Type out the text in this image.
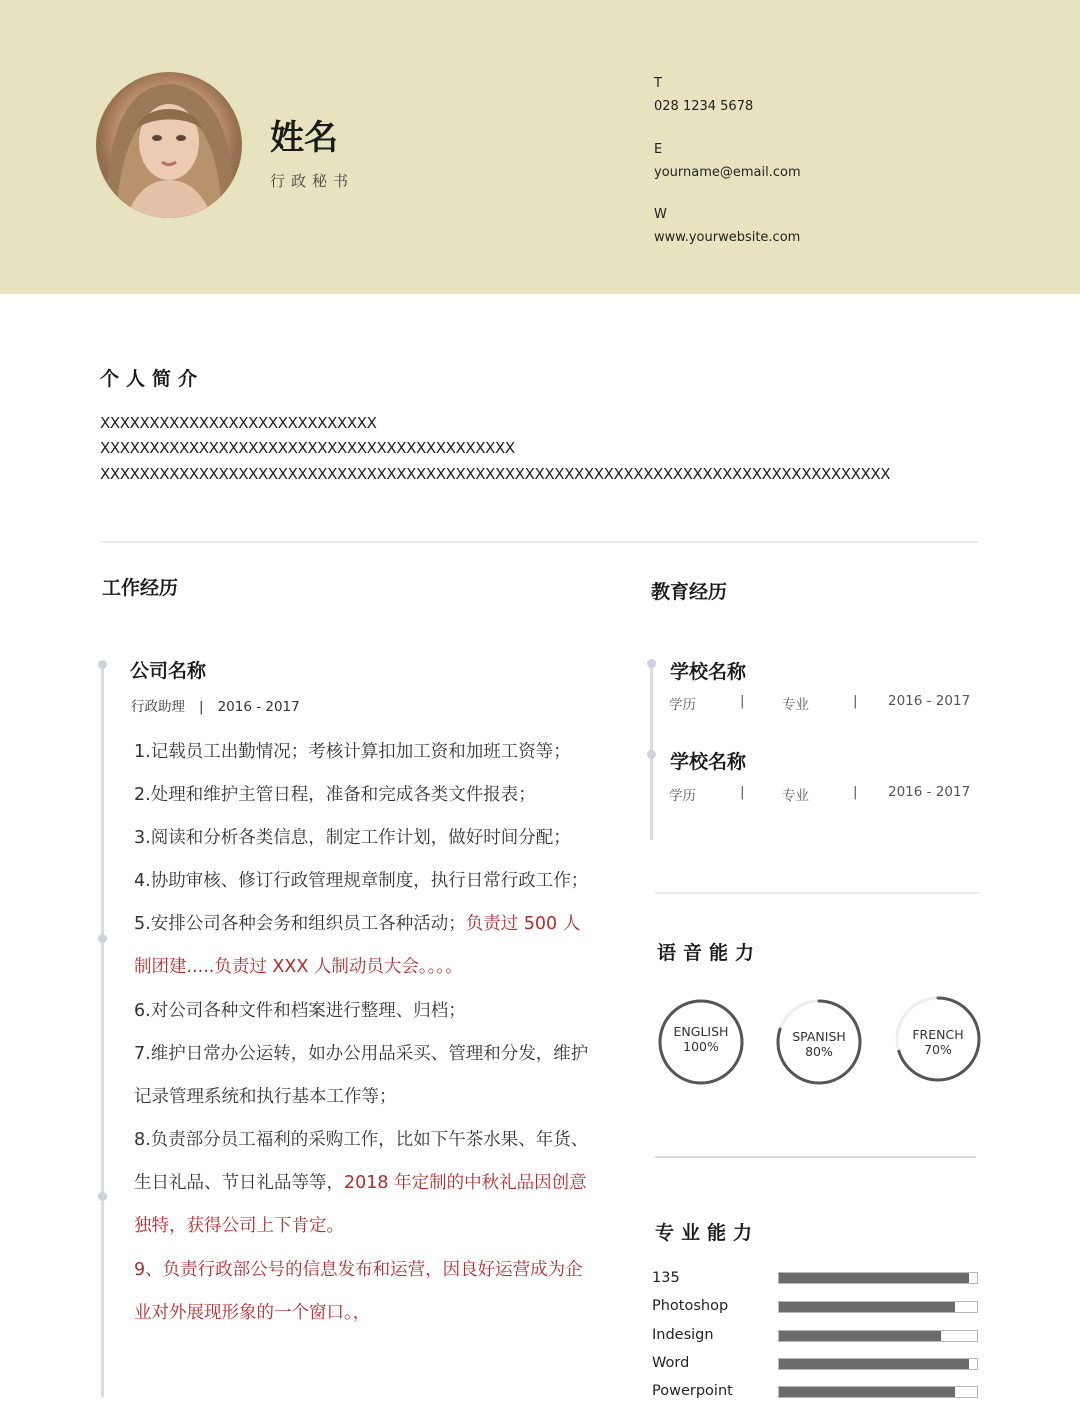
姓名
行政秘书
T
028 1234 5678
E
yourname@email.com
W
www.yourwebsite.com
个人简介
XXXXXXXXXXXXXXXXXXXXXXXXXXXX
XXXXXXXXXXXXXXXXXXXXXXXXXXXXXXXXXXXXXXXXXX
XXXXXXXXXXXXXXXXXXXXXXXXXXXXXXXXXXXXXXXXXXXXXXXXXXXXXXXXXXXXXXXXXXXXXXXXXXXXXXXX
工作经历
公司名称
行政助理 | 2016 - 2017
1.记载员工出勤情况；考核计算扣加工资和加班工资等；
2.处理和维护主管日程，准备和完成各类文件报表；
3.阅读和分析各类信息，制定工作计划，做好时间分配；
4.协助审核、修订行政管理规章制度，执行日常行政工作；
5.安排公司各种会务和组织员工各种活动；负责过 500 人
制团建.....负责过 XXX 人制动员大会。。。。
6.对公司各种文件和档案进行整理、归档；
7.维护日常办公运转，如办公用品采买、管理和分发，维护
记录管理系统和执行基本工作等；
8.负责部分员工福利的采购工作，比如下午茶水果、年货、
生日礼品、节日礼品等等，2018 年定制的中秋礼品因创意
独特，获得公司上下肯定。
9、负责行政部公号的信息发布和运营，因良好运营成为企
业对外展现形象的一个窗口。，
教育经历
学校名称
学历	|	专业	| 2016 - 2017
学校名称
学历	|	专业	| 2016 - 2017
语音能力
ENGLISH
100%
SPANISH
80%
FRENCH
70%
专业能力
135
Photoshop
Indesign
Word
Powerpoint
